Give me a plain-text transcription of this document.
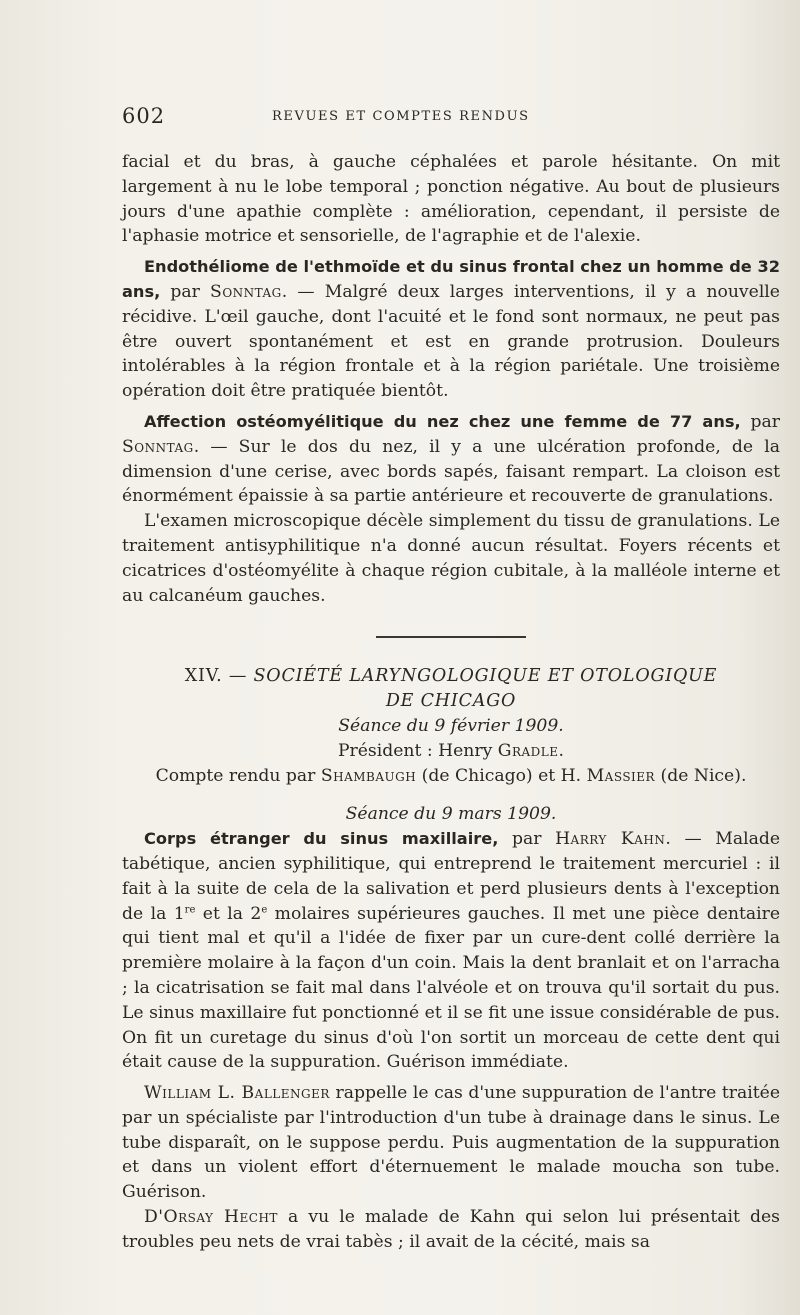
602	REVUES ET COMPTES RENDUS

facial et du bras, à gauche céphalées et parole hésitante. On mit largement à nu le lobe temporal ; ponction négative. Au bout de plusieurs jours d'une apathie complète : amélioration, cependant, il persiste de l'aphasie motrice et sensorielle, de l'agraphie et de l'alexie.

Endothéliome de l'ethmoïde et du sinus frontal chez un homme de 32 ans, par Sonntag. — Malgré deux larges interventions, il y a nouvelle récidive. L'œil gauche, dont l'acuité et le fond sont normaux, ne peut pas être ouvert spontanément et est en grande protrusion. Douleurs intolérables à la région frontale et à la région pariétale. Une troisième opération doit être pratiquée bientôt.

Affection ostéomyélitique du nez chez une femme de 77 ans, par Sonntag. — Sur le dos du nez, il y a une ulcération profonde, de la dimension d'une cerise, avec bords sapés, faisant rempart. La cloison est énormément épaissie à sa partie antérieure et recouverte de granulations.

L'examen microscopique décèle simplement du tissu de granulations. Le traitement antisyphilitique n'a donné aucun résultat. Foyers récents et cicatrices d'ostéomyélite à chaque région cubitale, à la malléole interne et au calcanéum gauches.

XIV. — SOCIÉTÉ LARYNGOLOGIQUE ET OTOLOGIQUE

DE CHICAGO

Séance du 9 février 1909.

Président : Henry Gradle.

Compte rendu par Shambaugh (de Chicago) et H. Massier (de Nice).

Séance du 9 mars 1909.

Corps étranger du sinus maxillaire, par Harry Kahn. — Malade tabétique, ancien syphilitique, qui entreprend le traitement mercuriel : il fait à la suite de cela de la salivation et perd plusieurs dents à l'exception de la 1re et la 2e molaires supérieures gauches. Il met une pièce dentaire qui tient mal et qu'il a l'idée de fixer par un cure-dent collé derrière la première molaire à la façon d'un coin. Mais la dent branlait et on l'arracha ; la cicatrisation se fait mal dans l'alvéole et on trouva qu'il sortait du pus. Le sinus maxillaire fut ponctionné et il se fit une issue considérable de pus. On fit un curetage du sinus d'où l'on sortit un morceau de cette dent qui était cause de la suppuration. Guérison immédiate.

William L. Ballenger rappelle le cas d'une suppuration de l'antre traitée par un spécialiste par l'introduction d'un tube à drainage dans le sinus. Le tube disparaît, on le suppose perdu. Puis augmentation de la suppuration et dans un violent effort d'éternuement le malade moucha son tube. Guérison.

D'Orsay Hecht a vu le malade de Kahn qui selon lui présentait des troubles peu nets de vrai tabès ; il avait de la cécité, mais sa
